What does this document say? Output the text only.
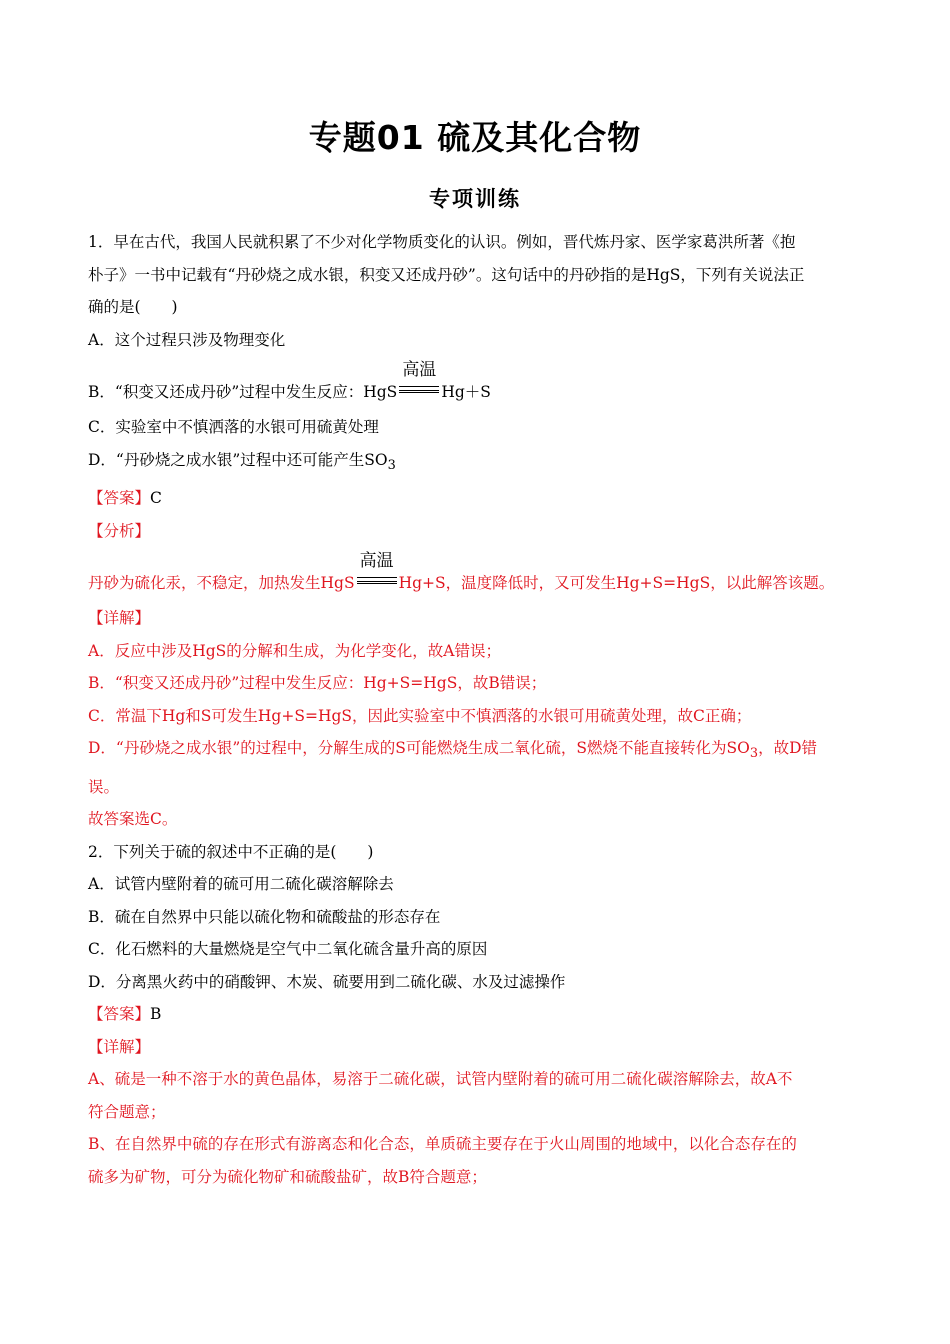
专题01 硫及其化合物
专项训练
1．早在古代，我国人民就积累了不少对化学物质变化的认识。例如，晋代炼丹家、医学家葛洪所著《抱
朴子》一书中记载有“丹砂烧之成水银，积变又还成丹砂”。这句话中的丹砂指的是HgS，下列有关说法正
确的是(　　)
A．这个过程只涉及物理变化
B．“积变又还成丹砂”过程中发生反应：HgS
高温
Hg＋S
C．实验室中不慎洒落的水银可用硫黄处理
D．“丹砂烧之成水银”过程中还可能产生$SO_3$
【答案】C
【分析】
丹砂为硫化汞，不稳定，加热发生HgS
高温
Hg+S，温度降低时，又可发生Hg+S=HgS，以此解答该题。
【详解】
A．反应中涉及HgS的分解和生成，为化学变化，故A错误；
B．“积变又还成丹砂”过程中发生反应：Hg+S=HgS，故B错误；
C．常温下Hg和S可发生Hg+S=HgS，因此实验室中不慎洒落的水银可用硫黄处理，故C正确；
D．“丹砂烧之成水银”的过程中，分解生成的S可能燃烧生成二氧化硫，S燃烧不能直接转化为$SO_3$，故D错
误。
故答案选C。
2．下列关于硫的叙述中不正确的是(　　)
A．试管内壁附着的硫可用二硫化碳溶解除去
B．硫在自然界中只能以硫化物和硫酸盐的形态存在
C．化石燃料的大量燃烧是空气中二氧化硫含量升高的原因
D．分离黑火药中的硝酸钾、木炭、硫要用到二硫化碳、水及过滤操作
【答案】B
【详解】
A、硫是一种不溶于水的黄色晶体，易溶于二硫化碳，试管内壁附着的硫可用二硫化碳溶解除去，故A不
符合题意；
B、在自然界中硫的存在形式有游离态和化合态，单质硫主要存在于火山周围的地域中，以化合态存在的
硫多为矿物，可分为硫化物矿和硫酸盐矿，故B符合题意；
